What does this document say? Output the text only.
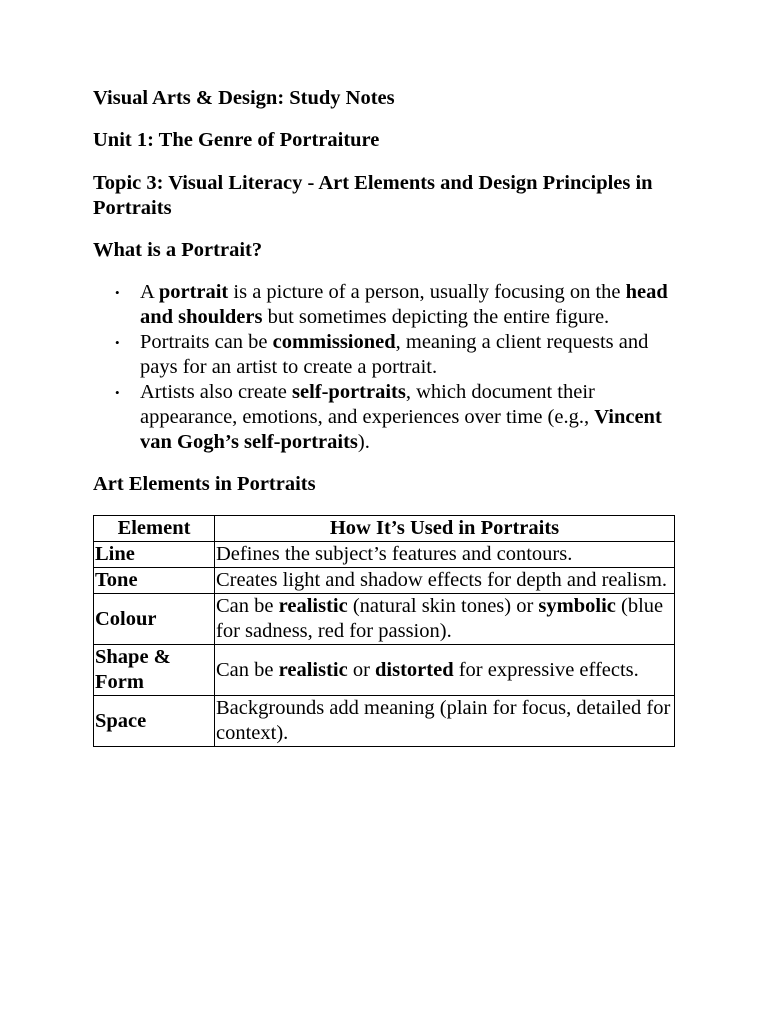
Visual Arts & Design: Study Notes

Unit 1: The Genre of Portraiture

Topic 3: Visual Literacy - Art Elements and Design Principles in Portraits

What is a Portrait?

• A portrait is a picture of a person, usually focusing on the head and shoulders but sometimes depicting the entire figure.
• Portraits can be commissioned, meaning a client requests and pays for an artist to create a portrait.
• Artists also create self-portraits, which document their appearance, emotions, and experiences over time (e.g., Vincent van Gogh’s self-portraits).

Art Elements in Portraits

Element	How It’s Used in Portraits
Line	Defines the subject’s features and contours.
Tone	Creates light and shadow effects for depth and realism.
Colour	Can be realistic (natural skin tones) or symbolic (blue for sadness, red for passion).
Shape & Form	Can be realistic or distorted for expressive effects.
Space	Backgrounds add meaning (plain for focus, detailed for context).
